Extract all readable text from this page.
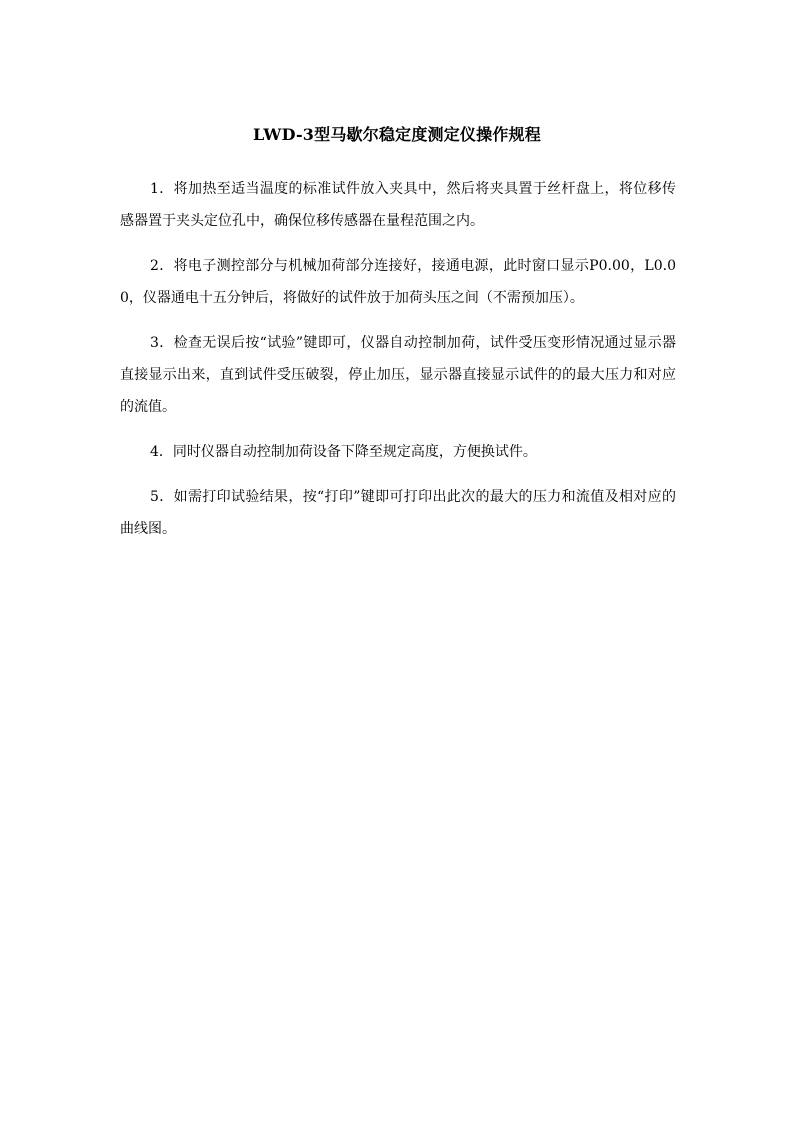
LWD-3型马歇尔稳定度测定仪操作规程

1．将加热至适当温度的标准试件放入夹具中，然后将夹具置于丝杆盘上，将位移传感器置于夹头定位孔中，确保位移传感器在量程范围之内。

2．将电子测控部分与机械加荷部分连接好，接通电源，此时窗口显示P0.00，L0.00，仪器通电十五分钟后，将做好的试件放于加荷头压之间（不需预加压）。

3．检查无误后按“试验”键即可，仪器自动控制加荷，试件受压变形情况通过显示器直接显示出来，直到试件受压破裂，停止加压，显示器直接显示试件的的最大压力和对应的流值。

4．同时仪器自动控制加荷设备下降至规定高度，方便换试件。

5．如需打印试验结果，按“打印”键即可打印出此次的最大的压力和流值及相对应的曲线图。
